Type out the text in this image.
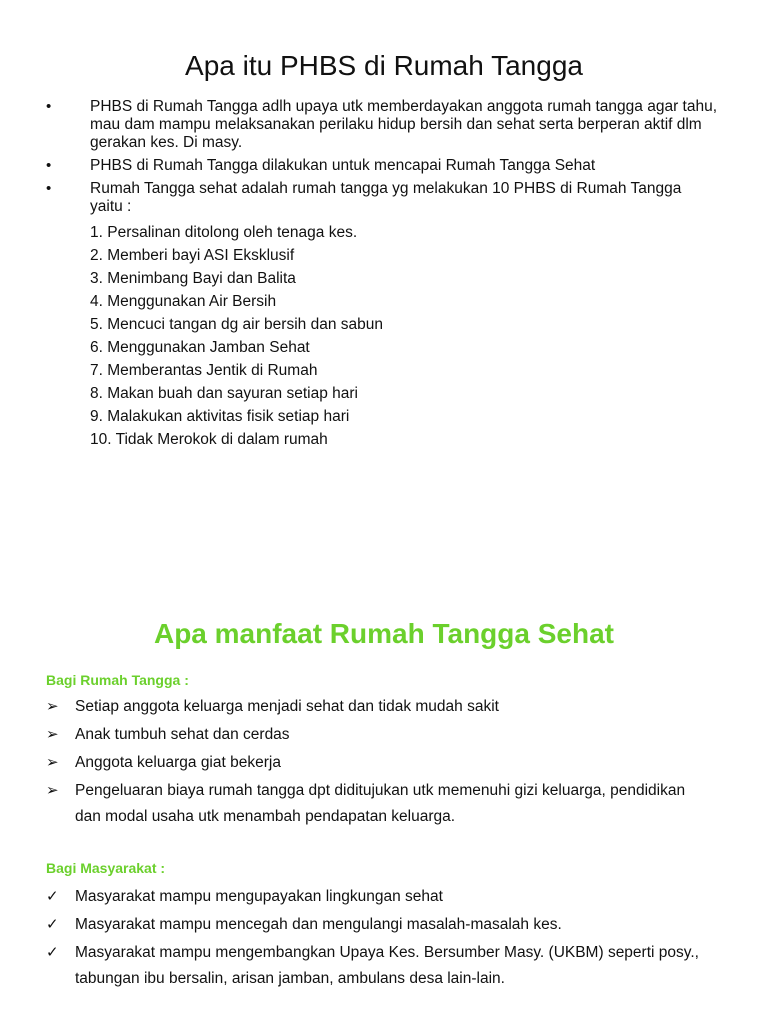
Apa itu PHBS di Rumah Tangga
• PHBS di Rumah Tangga adlh upaya utk memberdayakan anggota rumah tangga agar tahu, mau dam mampu melaksanakan perilaku hidup bersih dan sehat serta berperan aktif dlm gerakan kes. Di masy.
• PHBS di Rumah Tangga dilakukan untuk mencapai Rumah Tangga Sehat
• Rumah Tangga sehat adalah rumah tangga yg melakukan 10 PHBS di Rumah Tangga yaitu :
1. Persalinan ditolong oleh tenaga kes.
2. Memberi bayi ASI Eksklusif
3. Menimbang Bayi dan Balita
4. Menggunakan Air Bersih
5. Mencuci tangan dg air bersih dan sabun
6. Menggunakan Jamban Sehat
7. Memberantas Jentik di Rumah
8. Makan buah dan sayuran setiap hari
9. Malakukan aktivitas fisik setiap hari
10. Tidak Merokok di dalam rumah
Apa manfaat Rumah Tangga Sehat
Bagi Rumah Tangga :
➢ Setiap anggota keluarga menjadi sehat dan tidak mudah sakit
➢ Anak tumbuh sehat dan cerdas
➢ Anggota keluarga giat bekerja
➢ Pengeluaran biaya rumah tangga dpt diditujukan utk memenuhi gizi keluarga, pendidikan dan modal usaha utk menambah pendapatan keluarga.
Bagi Masyarakat :
✓ Masyarakat mampu mengupayakan lingkungan sehat
✓ Masyarakat mampu mencegah dan mengulangi masalah-masalah kes.
✓ Masyarakat mampu mengembangkan Upaya Kes. Bersumber Masy. (UKBM) seperti posy., tabungan ibu bersalin, arisan jamban, ambulans desa lain-lain.
